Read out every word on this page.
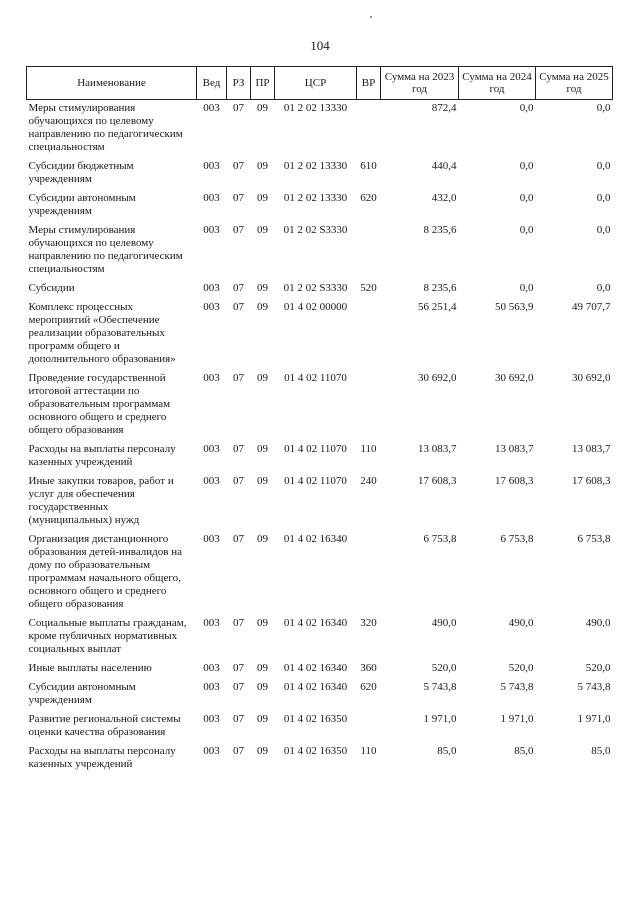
104
Наименование	Вед	РЗ	ПР	ЦСР	ВР	Сумма на 2023 год	Сумма на 2024 год	Сумма на 2025 год
Меры стимулирования обучающихся по целевому направлению по педагогическим специальностям	003	07	09	01 2 02 13330		872,4	0,0	0,0
Субсидии бюджетным учреждениям	003	07	09	01 2 02 13330	610	440,4	0,0	0,0
Субсидии автономным учреждениям	003	07	09	01 2 02 13330	620	432,0	0,0	0,0
Меры стимулирования обучающихся по целевому направлению по педагогическим специальностям	003	07	09	01 2 02 S3330		8 235,6	0,0	0,0
Субсидии	003	07	09	01 2 02 S3330	520	8 235,6	0,0	0,0
Комплекс процессных мероприятий «Обеспечение реализации образовательных программ общего и дополнительного образования»	003	07	09	01 4 02 00000		56 251,4	50 563,9	49 707,7
Проведение государственной итоговой аттестации по образовательным программам основного общего и среднего общего образования	003	07	09	01 4 02 11070		30 692,0	30 692,0	30 692,0
Расходы на выплаты персоналу казенных учреждений	003	07	09	01 4 02 11070	110	13 083,7	13 083,7	13 083,7
Иные закупки товаров, работ и услуг для обеспечения государственных (муниципальных) нужд	003	07	09	01 4 02 11070	240	17 608,3	17 608,3	17 608,3
Организация дистанционного образования детей-инвалидов на дому по образовательным программам начального общего, основного общего и среднего общего образования	003	07	09	01 4 02 16340		6 753,8	6 753,8	6 753,8
Социальные выплаты гражданам, кроме публичных нормативных социальных выплат	003	07	09	01 4 02 16340	320	490,0	490,0	490,0
Иные выплаты населению	003	07	09	01 4 02 16340	360	520,0	520,0	520,0
Субсидии автономным учреждениям	003	07	09	01 4 02 16340	620	5 743,8	5 743,8	5 743,8
Развитие региональной системы оценки качества образования	003	07	09	01 4 02 16350		1 971,0	1 971,0	1 971,0
Расходы на выплаты персоналу казенных учреждений	003	07	09	01 4 02 16350	110	85,0	85,0	85,0
